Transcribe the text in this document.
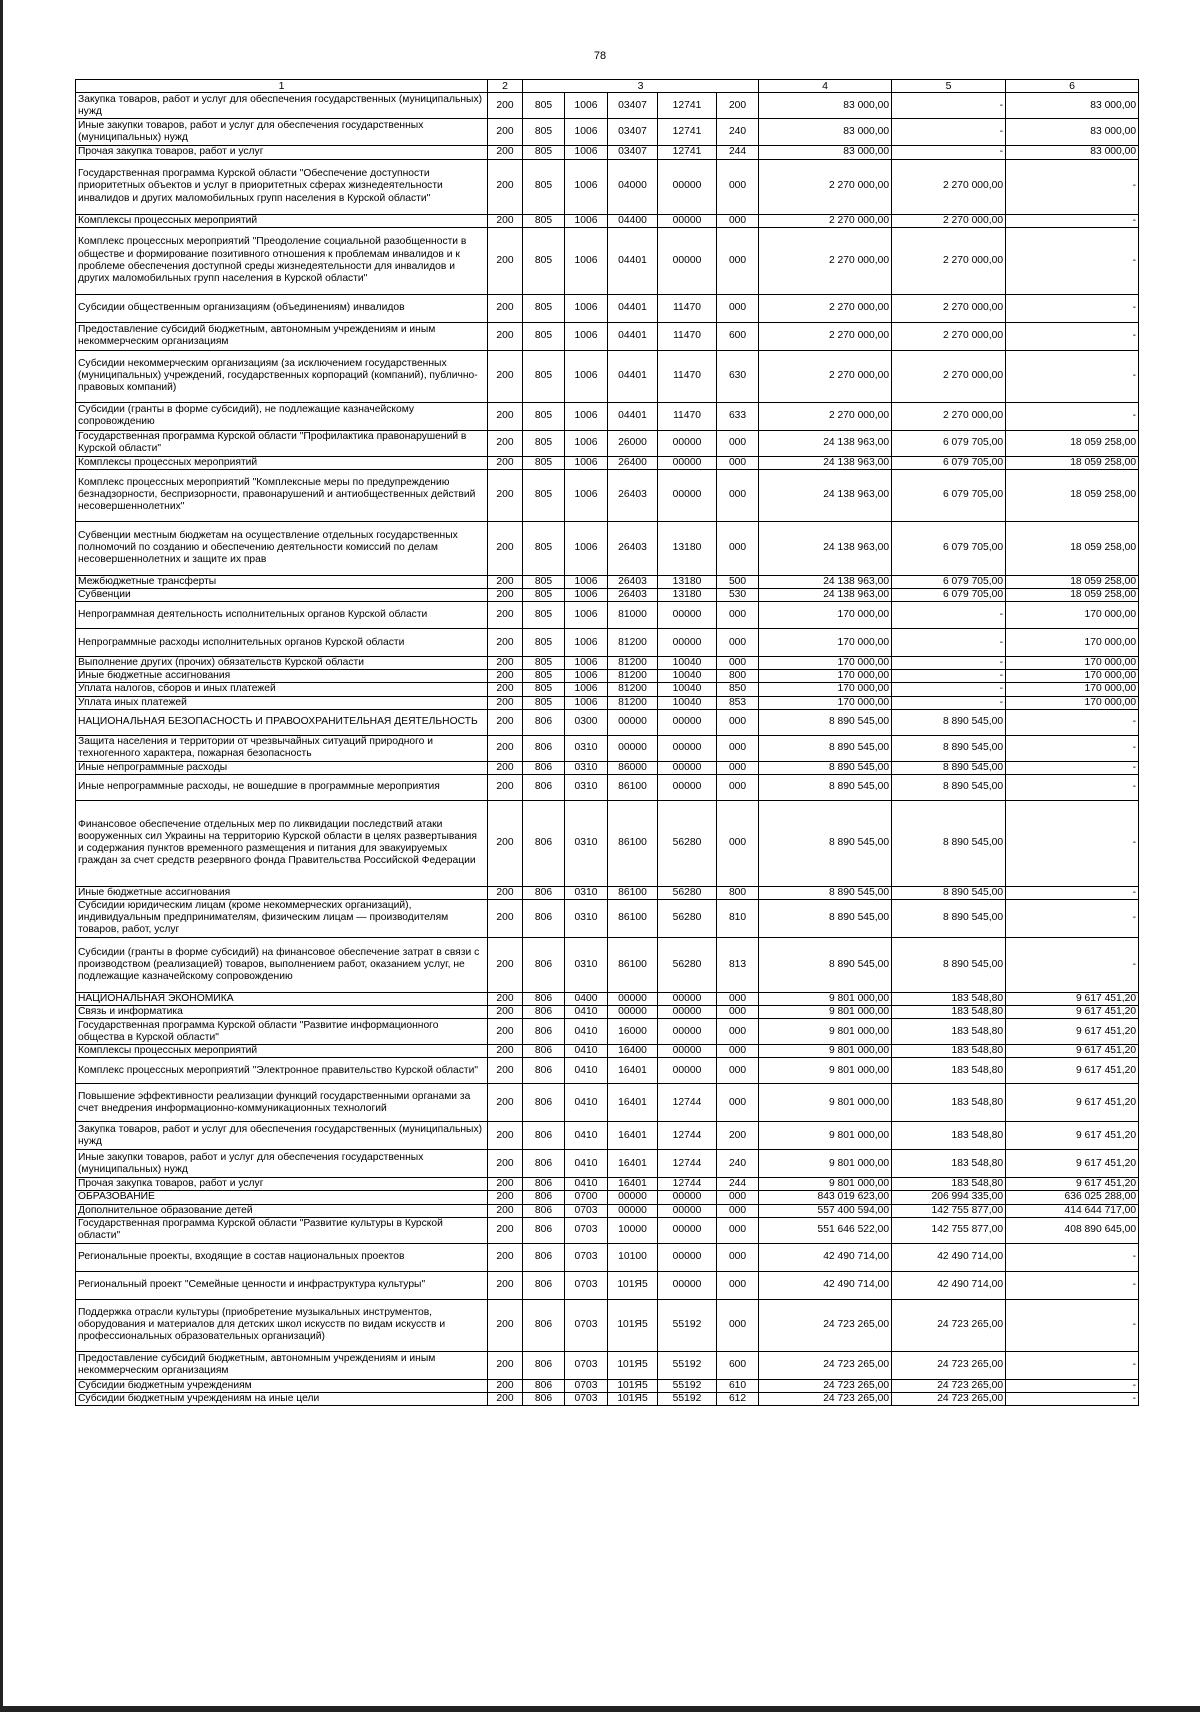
78
1	2	3					4	5	6
Закупка товаров, работ и услуг для обеспечения государственных (муниципальных) нужд	200	805	1006	03407	12741	200	83 000,00	-	83 000,00
Иные закупки товаров, работ и услуг для обеспечения государственных (муниципальных) нужд	200	805	1006	03407	12741	240	83 000,00	-	83 000,00
Прочая закупка товаров, работ и услуг	200	805	1006	03407	12741	244	83 000,00	-	83 000,00
Государственная программа Курской области "Обеспечение доступности приоритетных объектов и услуг в приоритетных сферах жизнедеятельности инвалидов и других маломобильных групп населения в Курской области"	200	805	1006	04000	00000	000	2 270 000,00	2 270 000,00	-
Комплексы процессных мероприятий	200	805	1006	04400	00000	000	2 270 000,00	2 270 000,00	-
Комплекс процессных мероприятий "Преодоление социальной разобщенности в обществе и формирование позитивного отношения к проблемам инвалидов и к проблеме обеспечения доступной среды жизнедеятельности для инвалидов и других маломобильных групп населения в Курской области"	200	805	1006	04401	00000	000	2 270 000,00	2 270 000,00	-
Субсидии общественным организациям (объединениям) инвалидов	200	805	1006	04401	11470	000	2 270 000,00	2 270 000,00	-
Предоставление субсидий бюджетным, автономным учреждениям и иным некоммерческим организациям	200	805	1006	04401	11470	600	2 270 000,00	2 270 000,00	-
Субсидии некоммерческим организациям (за исключением государственных (муниципальных) учреждений, государственных корпораций (компаний), публично-правовых компаний)	200	805	1006	04401	11470	630	2 270 000,00	2 270 000,00	-
Субсидии (гранты в форме субсидий), не подлежащие казначейскому сопровождению	200	805	1006	04401	11470	633	2 270 000,00	2 270 000,00	-
Государственная программа Курской области "Профилактика правонарушений в Курской области"	200	805	1006	26000	00000	000	24 138 963,00	6 079 705,00	18 059 258,00
Комплексы процессных мероприятий	200	805	1006	26400	00000	000	24 138 963,00	6 079 705,00	18 059 258,00
Комплекс процессных мероприятий "Комплексные меры по предупреждению безнадзорности, беспризорности, правонарушений и антиобщественных действий несовершеннолетних"	200	805	1006	26403	00000	000	24 138 963,00	6 079 705,00	18 059 258,00
Субвенции местным бюджетам на осуществление отдельных государственных полномочий по созданию и обеспечению деятельности комиссий по делам несовершеннолетних и защите их прав	200	805	1006	26403	13180	000	24 138 963,00	6 079 705,00	18 059 258,00
Межбюджетные трансферты	200	805	1006	26403	13180	500	24 138 963,00	6 079 705,00	18 059 258,00
Субвенции	200	805	1006	26403	13180	530	24 138 963,00	6 079 705,00	18 059 258,00
Непрограммная деятельность исполнительных органов Курской области	200	805	1006	81000	00000	000	170 000,00	-	170 000,00
Непрограммные расходы исполнительных органов Курской области	200	805	1006	81200	00000	000	170 000,00	-	170 000,00
Выполнение других (прочих) обязательств Курской области	200	805	1006	81200	10040	000	170 000,00	-	170 000,00
Иные бюджетные ассигнования	200	805	1006	81200	10040	800	170 000,00	-	170 000,00
Уплата налогов, сборов и иных платежей	200	805	1006	81200	10040	850	170 000,00	-	170 000,00
Уплата иных платежей	200	805	1006	81200	10040	853	170 000,00	-	170 000,00
НАЦИОНАЛЬНАЯ БЕЗОПАСНОСТЬ И ПРАВООХРАНИТЕЛЬНАЯ ДЕЯТЕЛЬНОСТЬ	200	806	0300	00000	00000	000	8 890 545,00	8 890 545,00	-
Защита населения и территории от чрезвычайных ситуаций природного и техногенного характера, пожарная безопасность	200	806	0310	00000	00000	000	8 890 545,00	8 890 545,00	-
Иные непрограммные расходы	200	806	0310	86000	00000	000	8 890 545,00	8 890 545,00	-
Иные непрограммные расходы, не вошедшие в программные мероприятия	200	806	0310	86100	00000	000	8 890 545,00	8 890 545,00	-
Финансовое обеспечение отдельных мер по ликвидации последствий атаки вооруженных сил Украины на территорию Курской области в целях развертывания и содержания пунктов временного размещения и питания для эвакуируемых граждан за счет средств резервного фонда Правительства Российской Федерации	200	806	0310	86100	56280	000	8 890 545,00	8 890 545,00	-
Иные бюджетные ассигнования	200	806	0310	86100	56280	800	8 890 545,00	8 890 545,00	-
Субсидии юридическим лицам (кроме некоммерческих организаций), индивидуальным предпринимателям, физическим лицам — производителям товаров, работ, услуг	200	806	0310	86100	56280	810	8 890 545,00	8 890 545,00	-
Субсидии (гранты в форме субсидий) на финансовое обеспечение затрат в связи с производством (реализацией) товаров, выполнением работ, оказанием услуг, не подлежащие казначейскому сопровождению	200	806	0310	86100	56280	813	8 890 545,00	8 890 545,00	-
НАЦИОНАЛЬНАЯ ЭКОНОМИКА	200	806	0400	00000	00000	000	9 801 000,00	183 548,80	9 617 451,20
Связь и информатика	200	806	0410	00000	00000	000	9 801 000,00	183 548,80	9 617 451,20
Государственная программа Курской области "Развитие информационного общества в Курской области"	200	806	0410	16000	00000	000	9 801 000,00	183 548,80	9 617 451,20
Комплексы процессных мероприятий	200	806	0410	16400	00000	000	9 801 000,00	183 548,80	9 617 451,20
Комплекс процессных мероприятий "Электронное правительство Курской области"	200	806	0410	16401	00000	000	9 801 000,00	183 548,80	9 617 451,20
Повышение эффективности реализации функций государственными органами за счет внедрения информационно-коммуникационных технологий	200	806	0410	16401	12744	000	9 801 000,00	183 548,80	9 617 451,20
Закупка товаров, работ и услуг для обеспечения государственных (муниципальных) нужд	200	806	0410	16401	12744	200	9 801 000,00	183 548,80	9 617 451,20
Иные закупки товаров, работ и услуг для обеспечения государственных (муниципальных) нужд	200	806	0410	16401	12744	240	9 801 000,00	183 548,80	9 617 451,20
Прочая закупка товаров, работ и услуг	200	806	0410	16401	12744	244	9 801 000,00	183 548,80	9 617 451,20
ОБРАЗОВАНИЕ	200	806	0700	00000	00000	000	843 019 623,00	206 994 335,00	636 025 288,00
Дополнительное образование детей	200	806	0703	00000	00000	000	557 400 594,00	142 755 877,00	414 644 717,00
Государственная программа Курской области "Развитие культуры в Курской области"	200	806	0703	10000	00000	000	551 646 522,00	142 755 877,00	408 890 645,00
Региональные проекты, входящие в состав национальных проектов	200	806	0703	10100	00000	000	42 490 714,00	42 490 714,00	-
Региональный проект "Семейные ценности и инфраструктура культуры"	200	806	0703	101Я5	00000	000	42 490 714,00	42 490 714,00	-
Поддержка отрасли культуры (приобретение музыкальных инструментов, оборудования и материалов для детских школ искусств по видам искусств и профессиональных образовательных организаций)	200	806	0703	101Я5	55192	000	24 723 265,00	24 723 265,00	-
Предоставление субсидий бюджетным, автономным учреждениям и иным некоммерческим организациям	200	806	0703	101Я5	55192	600	24 723 265,00	24 723 265,00	-
Субсидии бюджетным учреждениям	200	806	0703	101Я5	55192	610	24 723 265,00	24 723 265,00	-
Субсидии бюджетным учреждениям на иные цели	200	806	0703	101Я5	55192	612	24 723 265,00	24 723 265,00	-
